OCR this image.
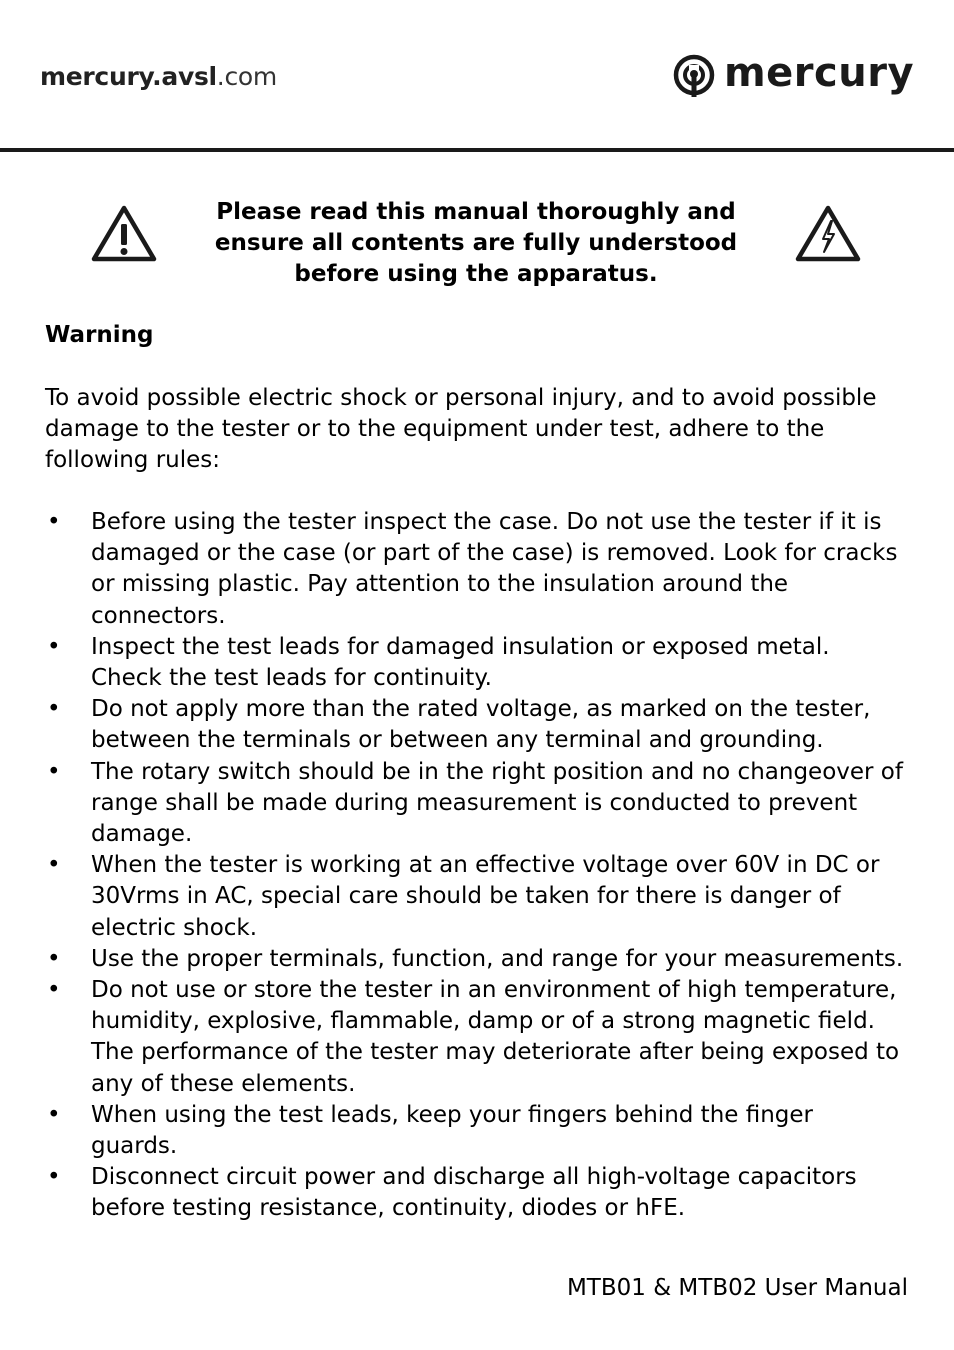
mercury.avsl.com	mercury
Please read this manual thoroughly and
ensure all contents are fully understood
before using the apparatus.
Warning
To avoid possible electric shock or personal injury, and to avoid possible
damage to the tester or to the equipment under test, adhere to the
following rules:
• Before using the tester inspect the case. Do not use the tester if it is
damaged or the case (or part of the case) is removed. Look for cracks
or missing plastic. Pay attention to the insulation around the
connectors.
• Inspect the test leads for damaged insulation or exposed metal.
Check the test leads for continuity.
• Do not apply more than the rated voltage, as marked on the tester,
between the terminals or between any terminal and grounding.
• The rotary switch should be in the right position and no changeover of
range shall be made during measurement is conducted to prevent
damage.
• When the tester is working at an effective voltage over 60V in DC or
30Vrms in AC, special care should be taken for there is danger of
electric shock.
• Use the proper terminals, function, and range for your measurements.
• Do not use or store the tester in an environment of high temperature,
humidity, explosive, flammable, damp or of a strong magnetic field.
The performance of the tester may deteriorate after being exposed to
any of these elements.
• When using the test leads, keep your fingers behind the finger guards.
• Disconnect circuit power and discharge all high-voltage capacitors
before testing resistance, continuity, diodes or hFE.
MTB01 & MTB02 User Manual
